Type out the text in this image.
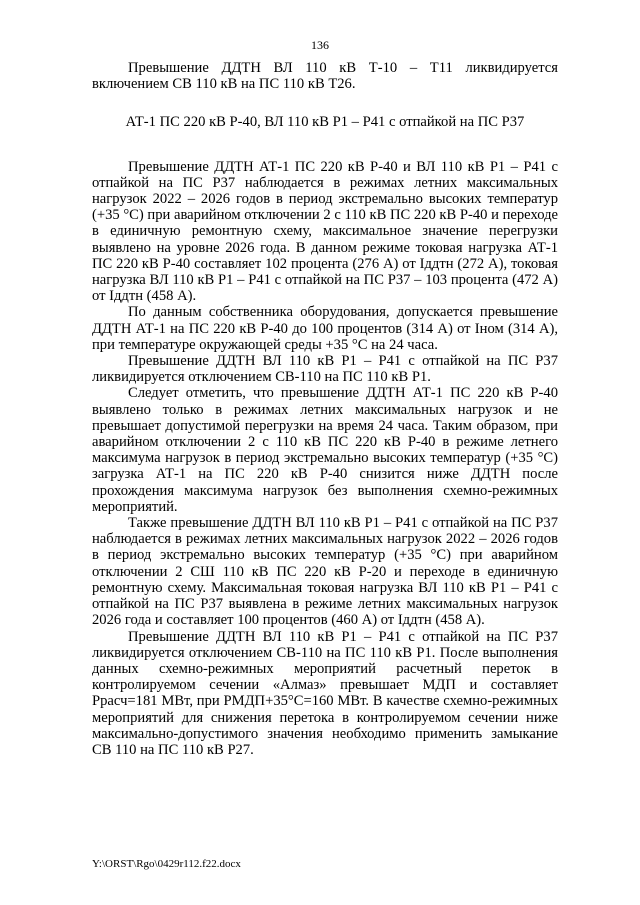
136

Превышение ДДТН ВЛ 110 кВ Т-10 – Т11 ликвидируется включением СВ 110 кВ на ПС 110 кВ Т26.

АТ-1 ПС 220 кВ Р-40, ВЛ 110 кВ Р1 – Р41 с отпайкой на ПС Р37

Превышение ДДТН АТ-1 ПС 220 кВ Р-40 и ВЛ 110 кВ Р1 – Р41 с отпайкой на ПС Р37 наблюдается в режимах летних максимальных нагрузок 2022 – 2026 годов в период экстремально высоких температур (+35 °С) при аварийном отключении 2 с 110 кВ ПС 220 кВ Р-40 и переходе в единичную ремонтную схему, максимальное значение перегрузки выявлено на уровне 2026 года. В данном режиме токовая нагрузка АТ-1 ПС 220 кВ Р-40 составляет 102 процента (276 А) от Iддтн (272 А), токовая нагрузка ВЛ 110 кВ Р1 – Р41 с отпайкой на ПС Р37 – 103 процента (472 А) от Iддтн (458 А).

По данным собственника оборудования, допускается превышение ДДТН АТ-1 на ПС 220 кВ Р-40 до 100 процентов (314 А) от Iном (314 А), при температуре окружающей среды +35 °С на 24 часа.

Превышение ДДТН ВЛ 110 кВ Р1 – Р41 с отпайкой на ПС Р37 ликвидируется отключением СВ-110 на ПС 110 кВ Р1.

Следует отметить, что превышение ДДТН АТ-1 ПС 220 кВ Р-40 выявлено только в режимах летних максимальных нагрузок и не превышает допустимой перегрузки на время 24 часа. Таким образом, при аварийном отключении 2 с 110 кВ ПС 220 кВ Р-40 в режиме летнего максимума нагрузок в период экстремально высоких температур (+35 °С) загрузка АТ-1 на ПС 220 кВ Р-40 снизится ниже ДДТН после прохождения максимума нагрузок без выполнения схемно-режимных мероприятий.

Также превышение ДДТН ВЛ 110 кВ Р1 – Р41 с отпайкой на ПС Р37 наблюдается в режимах летних максимальных нагрузок 2022 – 2026 годов в период экстремально высоких температур (+35 °С) при аварийном отключении 2 СШ 110 кВ ПС 220 кВ Р-20 и переходе в единичную ремонтную схему. Максимальная токовая нагрузка ВЛ 110 кВ Р1 – Р41 с отпайкой на ПС Р37 выявлена в режиме летних максимальных нагрузок 2026 года и составляет 100 процентов (460 А) от Iддтн (458 А).

Превышение ДДТН ВЛ 110 кВ Р1 – Р41 с отпайкой на ПС Р37 ликвидируется отключением СВ-110 на ПС 110 кВ Р1. После выполнения данных схемно-режимных мероприятий расчетный переток в контролируемом сечении «Алмаз» превышает МДП и составляет Ррасч=181 МВт, при РМДП+35°С=160 МВт. В качестве схемно-режимных мероприятий для снижения перетока в контролируемом сечении ниже максимально-допустимого значения необходимо применить замыкание СВ 110 на ПС 110 кВ Р27.

Y:\ORST\Rgo\0429r112.f22.docx
